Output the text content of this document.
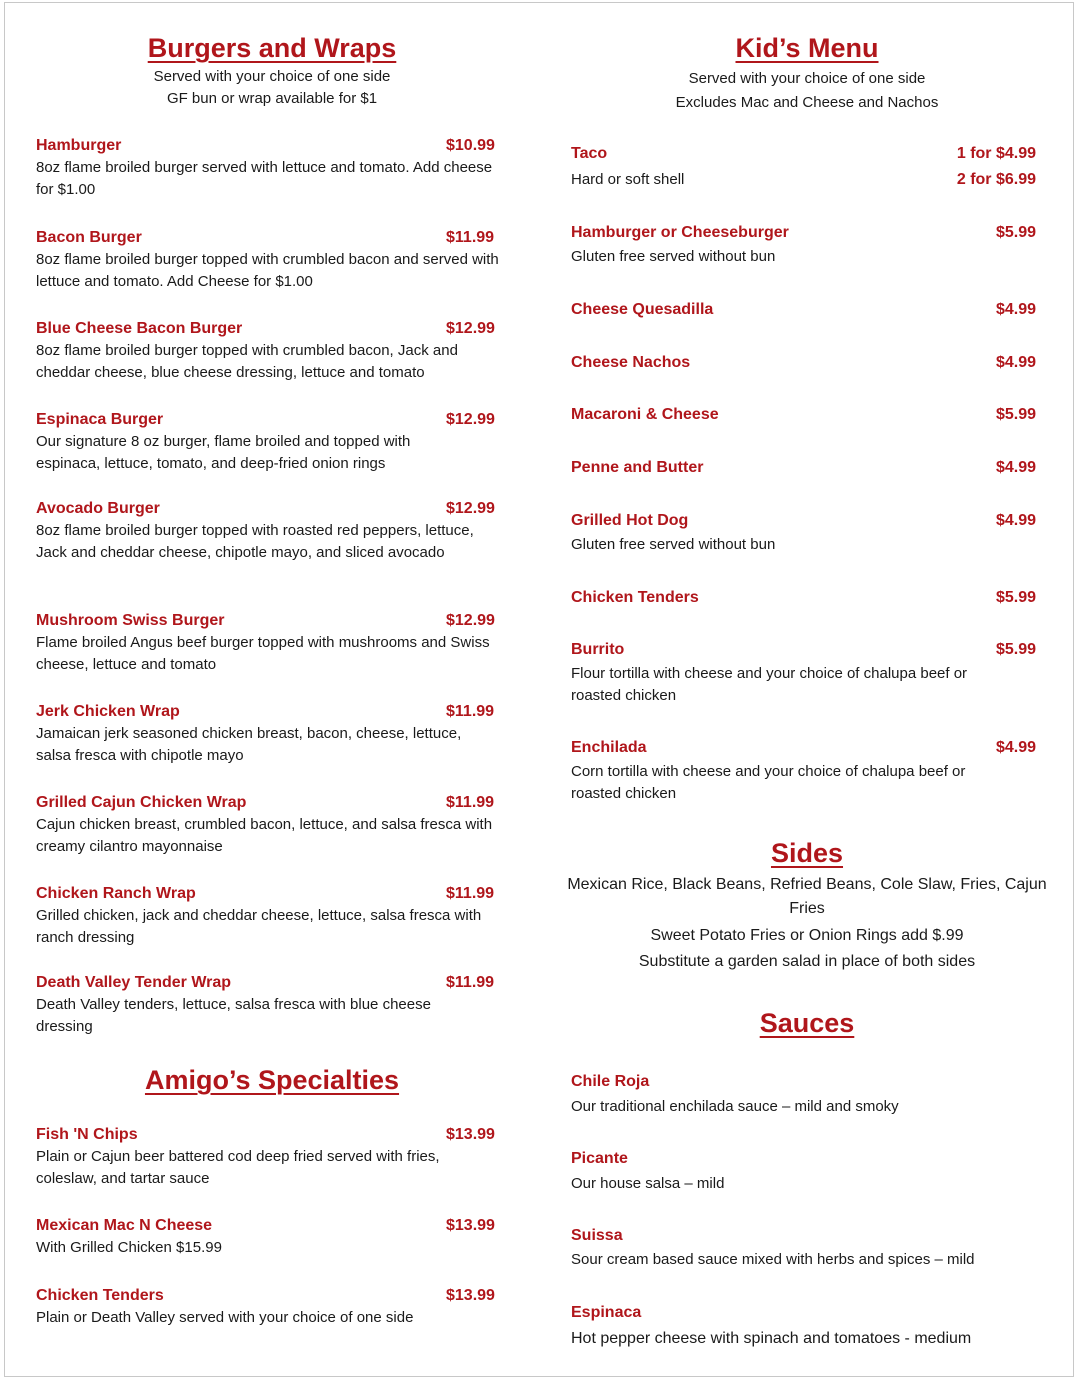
Burgers and Wraps
Served with your choice of one side
GF bun or wrap available for $1
Hamburger	$10.99
8oz flame broiled burger served with lettuce and tomato. Add cheese for $1.00
Bacon Burger	$11.99
8oz flame broiled burger topped with crumbled bacon and served with lettuce and tomato. Add Cheese for $1.00
Blue Cheese Bacon Burger	$12.99
8oz flame broiled burger topped with crumbled bacon, Jack and cheddar cheese, blue cheese dressing, lettuce and tomato
Espinaca Burger	$12.99
Our signature 8 oz burger, flame broiled and topped with espinaca, lettuce, tomato, and deep-fried onion rings
Avocado Burger	$12.99
8oz flame broiled burger topped with roasted red peppers, lettuce, Jack and cheddar cheese, chipotle mayo, and sliced avocado
Mushroom Swiss Burger	$12.99
Flame broiled Angus beef burger topped with mushrooms and Swiss cheese, lettuce and tomato
Jerk Chicken Wrap	$11.99
Jamaican jerk seasoned chicken breast, bacon, cheese, lettuce, salsa fresca with chipotle mayo
Grilled Cajun Chicken Wrap	$11.99
Cajun chicken breast, crumbled bacon, lettuce, and salsa fresca with creamy cilantro mayonnaise
Chicken Ranch Wrap	$11.99
Grilled chicken, jack and cheddar cheese, lettuce, salsa fresca with ranch dressing
Death Valley Tender Wrap	$11.99
Death Valley tenders, lettuce, salsa fresca with blue cheese dressing
Amigo’s Specialties
Fish 'N Chips	$13.99
Plain or Cajun beer battered cod deep fried served with fries, coleslaw, and tartar sauce
Mexican Mac N Cheese	$13.99
With Grilled Chicken $15.99
Chicken Tenders	$13.99
Plain or Death Valley served with your choice of one side
Kid’s Menu
Served with your choice of one side
Excludes Mac and Cheese and Nachos
Taco	1 for $4.99
2 for $6.99
Hard or soft shell
Hamburger or Cheeseburger	$5.99
Gluten free served without bun
Cheese Quesadilla	$4.99
Cheese Nachos	$4.99
Macaroni & Cheese	$5.99
Penne and Butter	$4.99
Grilled Hot Dog	$4.99
Gluten free served without bun
Chicken Tenders	$5.99
Burrito	$5.99
Flour tortilla with cheese and your choice of chalupa beef or roasted chicken
Enchilada	$4.99
Corn tortilla with cheese and your choice of chalupa beef or roasted chicken
Sides
Mexican Rice, Black Beans, Refried Beans, Cole Slaw, Fries, Cajun Fries
Sweet Potato Fries or Onion Rings add $.99
Substitute a garden salad in place of both sides
Sauces
Chile Roja
Our traditional enchilada sauce – mild and smoky
Picante
Our house salsa – mild
Suissa
Sour cream based sauce mixed with herbs and spices – mild
Espinaca
Hot pepper cheese with spinach and tomatoes - medium
